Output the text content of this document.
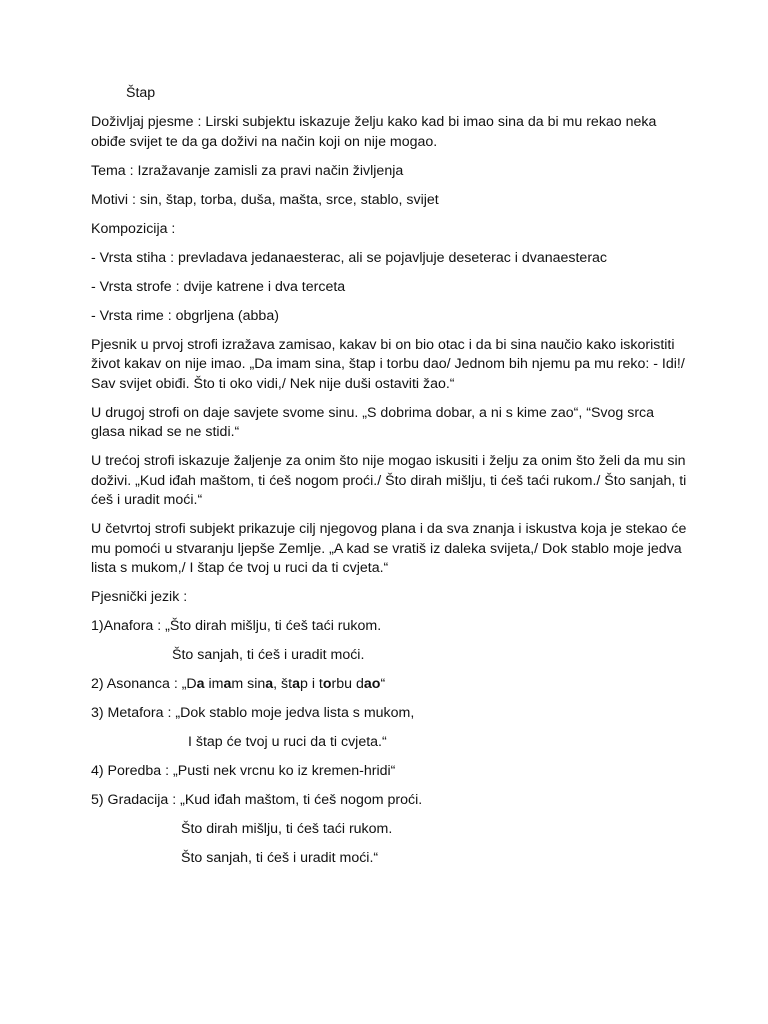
Štap

Doživljaj pjesme : Lirski subjektu iskazuje želju kako kad bi imao sina da bi mu rekao neka obiđe svijet te da ga doživi na način koji on nije mogao.

Tema : Izražavanje zamisli za pravi način življenja

Motivi : sin, štap, torba, duša, mašta, srce, stablo, svijet

Kompozicija :

- Vrsta stiha : prevladava jedanaesterac, ali se pojavljuje deseterac i dvanaesterac

- Vrsta strofe : dvije katrene i dva terceta

- Vrsta rime : obgrljena (abba)

Pjesnik u prvoj strofi izražava zamisao, kakav bi on bio otac i da bi sina naučio kako iskoristiti život kakav on nije imao. „Da imam sina, štap i torbu dao/ Jednom bih njemu pa mu reko: - Idi!/ Sav svijet obiđi. Što ti oko vidi,/ Nek nije duši ostaviti žao.“

U drugoj strofi on daje savjete svome sinu. „S dobrima dobar, a ni s kime zao“, “Svog srca glasa nikad se ne stidi.“

U trećoj strofi iskazuje žaljenje za onim što nije mogao iskusiti i želju za onim što želi da mu sin doživi. „Kud iđah maštom, ti ćeš nogom proći./ Što dirah mišlju, ti ćeš taći rukom./ Što sanjah, ti ćeš i uradit moći.“

U četvrtoj strofi subjekt prikazuje cilj njegovog plana i da sva znanja i iskustva koja je stekao će mu pomoći u stvaranju ljepše Zemlje. „A kad se vratiš iz daleka svijeta,/ Dok stablo moje jedva lista s mukom,/ I štap će tvoj u ruci da ti cvjeta.“

Pjesnički jezik :

1)Anafora : „Što dirah mišlju, ti ćeš taći rukom.

Što sanjah, ti ćeš i uradit moći.

2) Asonanca : „Da imam sina, štap i torbu dao“

3) Metafora : „Dok stablo moje jedva lista s mukom,

I štap će tvoj u ruci da ti cvjeta.“

4) Poredba : „Pusti nek vrcnu ko iz kremen-hridi“

5) Gradacija : „Kud iđah maštom, ti ćeš nogom proći.

Što dirah mišlju, ti ćeš taći rukom.

Što sanjah, ti ćeš i uradit moći.“
